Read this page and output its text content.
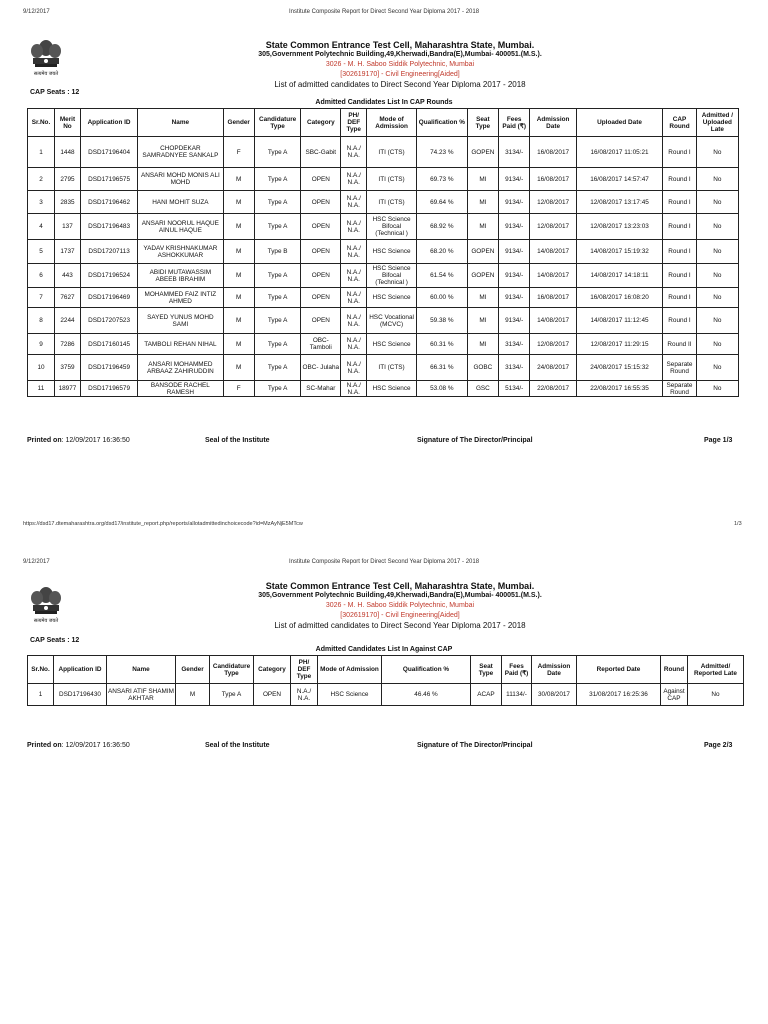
9/12/2017	Institute Composite Report for Direct Second Year Diploma 2017 - 2018
सत्यमेव जयते
State Common Entrance Test Cell, Maharashtra State, Mumbai.
305,Government Polytechnic Building,49,Kherwadi,Bandra(E),Mumbai- 400051.(M.S.).
3026 - M. H. Saboo Siddik Polytechnic, Mumbai
[302619170] - Civil Engineering[Aided]
List of admitted candidates to Direct Second Year Diploma 2017 - 2018
CAP Seats : 12
Admitted Candidates List In CAP Rounds
Sr.No.	Merit No	Application ID	Name	Gender	Candidature Type	Category	PH/ DEF Type	Mode of Admission	Qualification %	Seat Type	Fees Paid (₹)	Admission Date	Uploaded Date	CAP Round	Admitted / Uploaded Late
1	1448	DSD17196404	CHOPDEKAR SAMRADNYEE SANKALP	F	Type A	SBC-Gabit	N.A./ N.A.	ITI (CTS)	74.23 %	GOPEN	3134/-	16/08/2017	16/08/2017 11:05:21	Round I	No
2	2795	DSD17196575	ANSARI MOHD MONIS ALI MOHD	M	Type A	OPEN	N.A./ N.A.	ITI (CTS)	69.73 %	MI	9134/-	16/08/2017	16/08/2017 14:57:47	Round I	No
3	2835	DSD17196462	HANI MOHIT SUZA	M	Type A	OPEN	N.A./ N.A.	ITI (CTS)	69.64 %	MI	9134/-	12/08/2017	12/08/2017 13:17:45	Round I	No
4	137	DSD17196483	ANSARI NOORUL HAQUE AINUL HAQUE	M	Type A	OPEN	N.A./ N.A.	HSC Science Bifocal (Technical )	68.92 %	MI	9134/-	12/08/2017	12/08/2017 13:23:03	Round I	No
5	1737	DSD17207113	YADAV KRISHNAKUMAR ASHOKKUMAR	M	Type B	OPEN	N.A./ N.A.	HSC Science	68.20 %	GOPEN	9134/-	14/08/2017	14/08/2017 15:19:32	Round I	No
6	443	DSD17196524	ABIDI MUTAWASSIM ABEEB IBRAHIM	M	Type A	OPEN	N.A./ N.A.	HSC Science Bifocal (Technical )	61.54 %	GOPEN	9134/-	14/08/2017	14/08/2017 14:18:11	Round I	No
7	7627	DSD17196469	MOHAMMED FAIZ INTIZ AHMED	M	Type A	OPEN	N.A./ N.A.	HSC Science	60.00 %	MI	9134/-	16/08/2017	16/08/2017 16:08:20	Round I	No
8	2244	DSD17207523	SAYED YUNUS MOHD SAMI	M	Type A	OPEN	N.A./ N.A.	HSC Vocational (MCVC)	59.38 %	MI	9134/-	14/08/2017	14/08/2017 11:12:45	Round I	No
9	7286	DSD17160145	TAMBOLI REHAN NIHAL	M	Type A	OBC- Tamboli	N.A./ N.A.	HSC Science	60.31 %	MI	3134/-	12/08/2017	12/08/2017 11:29:15	Round II	No
10	3759	DSD17196459	ANSARI MOHAMMED ARBAAZ ZAHIRUDDIN	M	Type A	OBC- Julaha	N.A./ N.A.	ITI (CTS)	66.31 %	GOBC	3134/-	24/08/2017	24/08/2017 15:15:32	Separate Round	No
11	18977	DSD17196579	BANSODE RACHEL RAMESH	F	Type A	SC-Mahar	N.A./ N.A.	HSC Science	53.08 %	GSC	5134/-	22/08/2017	22/08/2017 16:55:35	Separate Round	No
Printed on: 12/09/2017 16:36:50	Seal of the Institute	Signature of The Director/Principal	Page 1/3
https://dsd17.dtemaharashtra.org/dsd17/institute_report.php/reports/allotadmittedinchoicecode?id=MzAyNjE5MTcw	1/3
9/12/2017	Institute Composite Report for Direct Second Year Diploma 2017 - 2018
सत्यमेव जयते
State Common Entrance Test Cell, Maharashtra State, Mumbai.
305,Government Polytechnic Building,49,Kherwadi,Bandra(E),Mumbai- 400051.(M.S.).
3026 - M. H. Saboo Siddik Polytechnic, Mumbai
[302619170] - Civil Engineering[Aided]
List of admitted candidates to Direct Second Year Diploma 2017 - 2018
CAP Seats : 12
Admitted Candidates List In Against CAP
Sr.No.	Application ID	Name	Gender	Candidature Type	Category	PH/ DEF Type	Mode of Admission	Qualification %	Seat Type	Fees Paid (₹)	Admission Date	Reported Date	Round	Admitted/ Reported Late
1	DSD17196430	ANSARI ATIF SHAMIM AKHTAR	M	Type A	OPEN	N.A./ N.A.	HSC Science	46.46 %	ACAP	11134/-	30/08/2017	31/08/2017 16:25:36	Against CAP	No
Printed on: 12/09/2017 16:36:50	Seal of the Institute	Signature of The Director/Principal	Page 2/3
